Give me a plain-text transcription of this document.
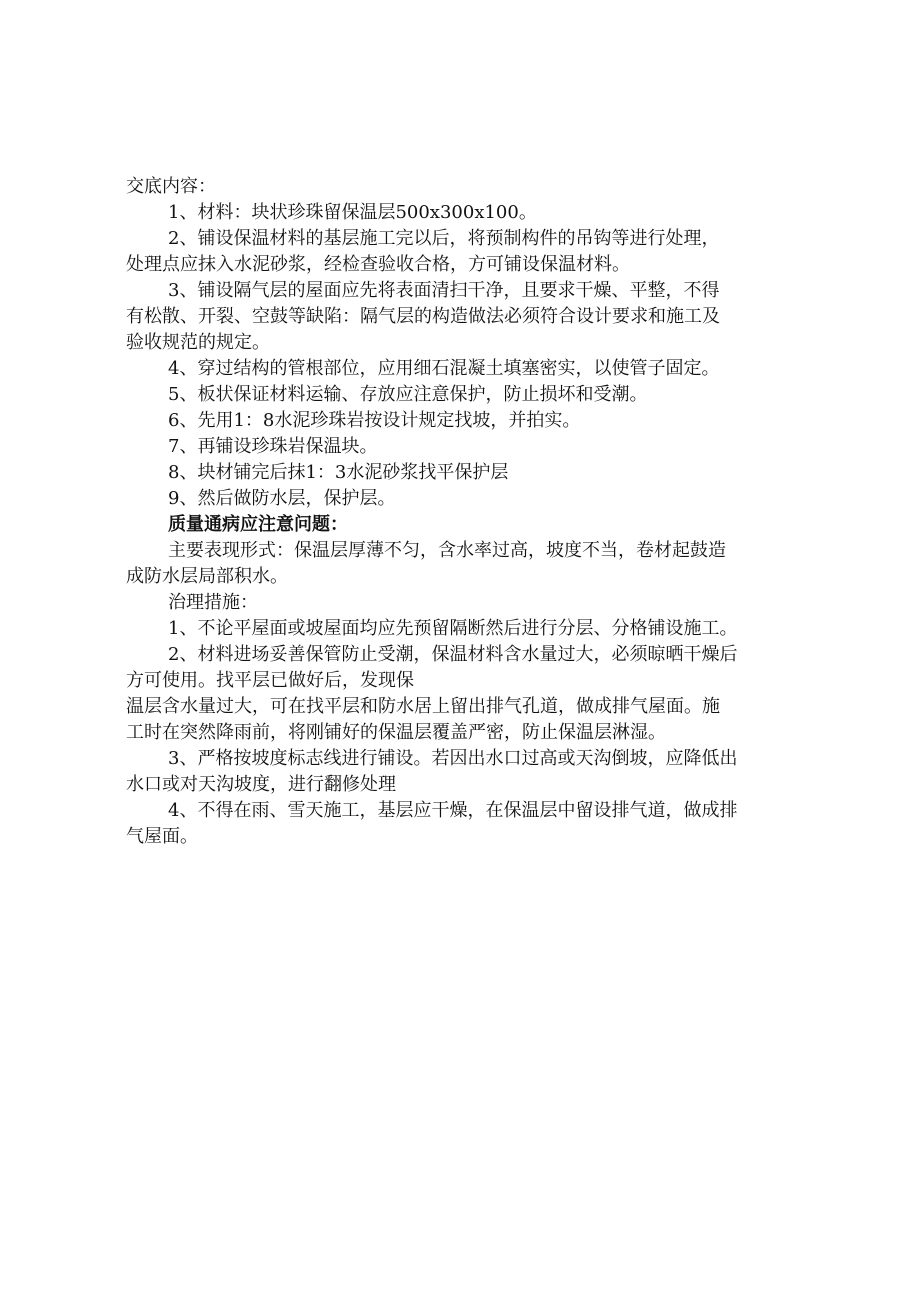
交底内容：
1、材料：块状珍珠留保温层500x300x100。
2、铺设保温材料的基层施工完以后，将预制构件的吊钩等进行处理，
处理点应抹入水泥砂浆，经检查验收合格，方可铺设保温材料。
3、铺设隔气层的屋面应先将表面清扫干净，且要求干燥、平整，不得
有松散、开裂、空鼓等缺陷：隔气层的构造做法必须符合设计要求和施工及
验收规范的规定。
4、穿过结构的管根部位，应用细石混凝土填塞密实，以使管子固定。
5、板状保证材料运输、存放应注意保护，防止损坏和受潮。
6、先用1：8水泥珍珠岩按设计规定找坡，并拍实。
7、再铺设珍珠岩保温块。
8、块材铺完后抹1：3水泥砂浆找平保护层
9、然后做防水层，保护层。
质量通病应注意问题：
主要表现形式：保温层厚薄不匀，含水率过高，坡度不当，卷材起鼓造
成防水层局部积水。
治理措施：
1、不论平屋面或坡屋面均应先预留隔断然后进行分层、分格铺设施工。
2、材料进场妥善保管防止受潮，保温材料含水量过大，必须晾晒干燥后
方可使用。找平层已做好后，发现保
温层含水量过大，可在找平层和防水居上留出排气孔道，做成排气屋面。施
工时在突然降雨前，将刚铺好的保温层覆盖严密，防止保温层淋湿。
3、严格按坡度标志线进行铺设。若因出水口过高或天沟倒坡，应降低出
水口或对天沟坡度，进行翻修处理
4、不得在雨、雪天施工，基层应干燥，在保温层中留设排气道，做成排
气屋面。
